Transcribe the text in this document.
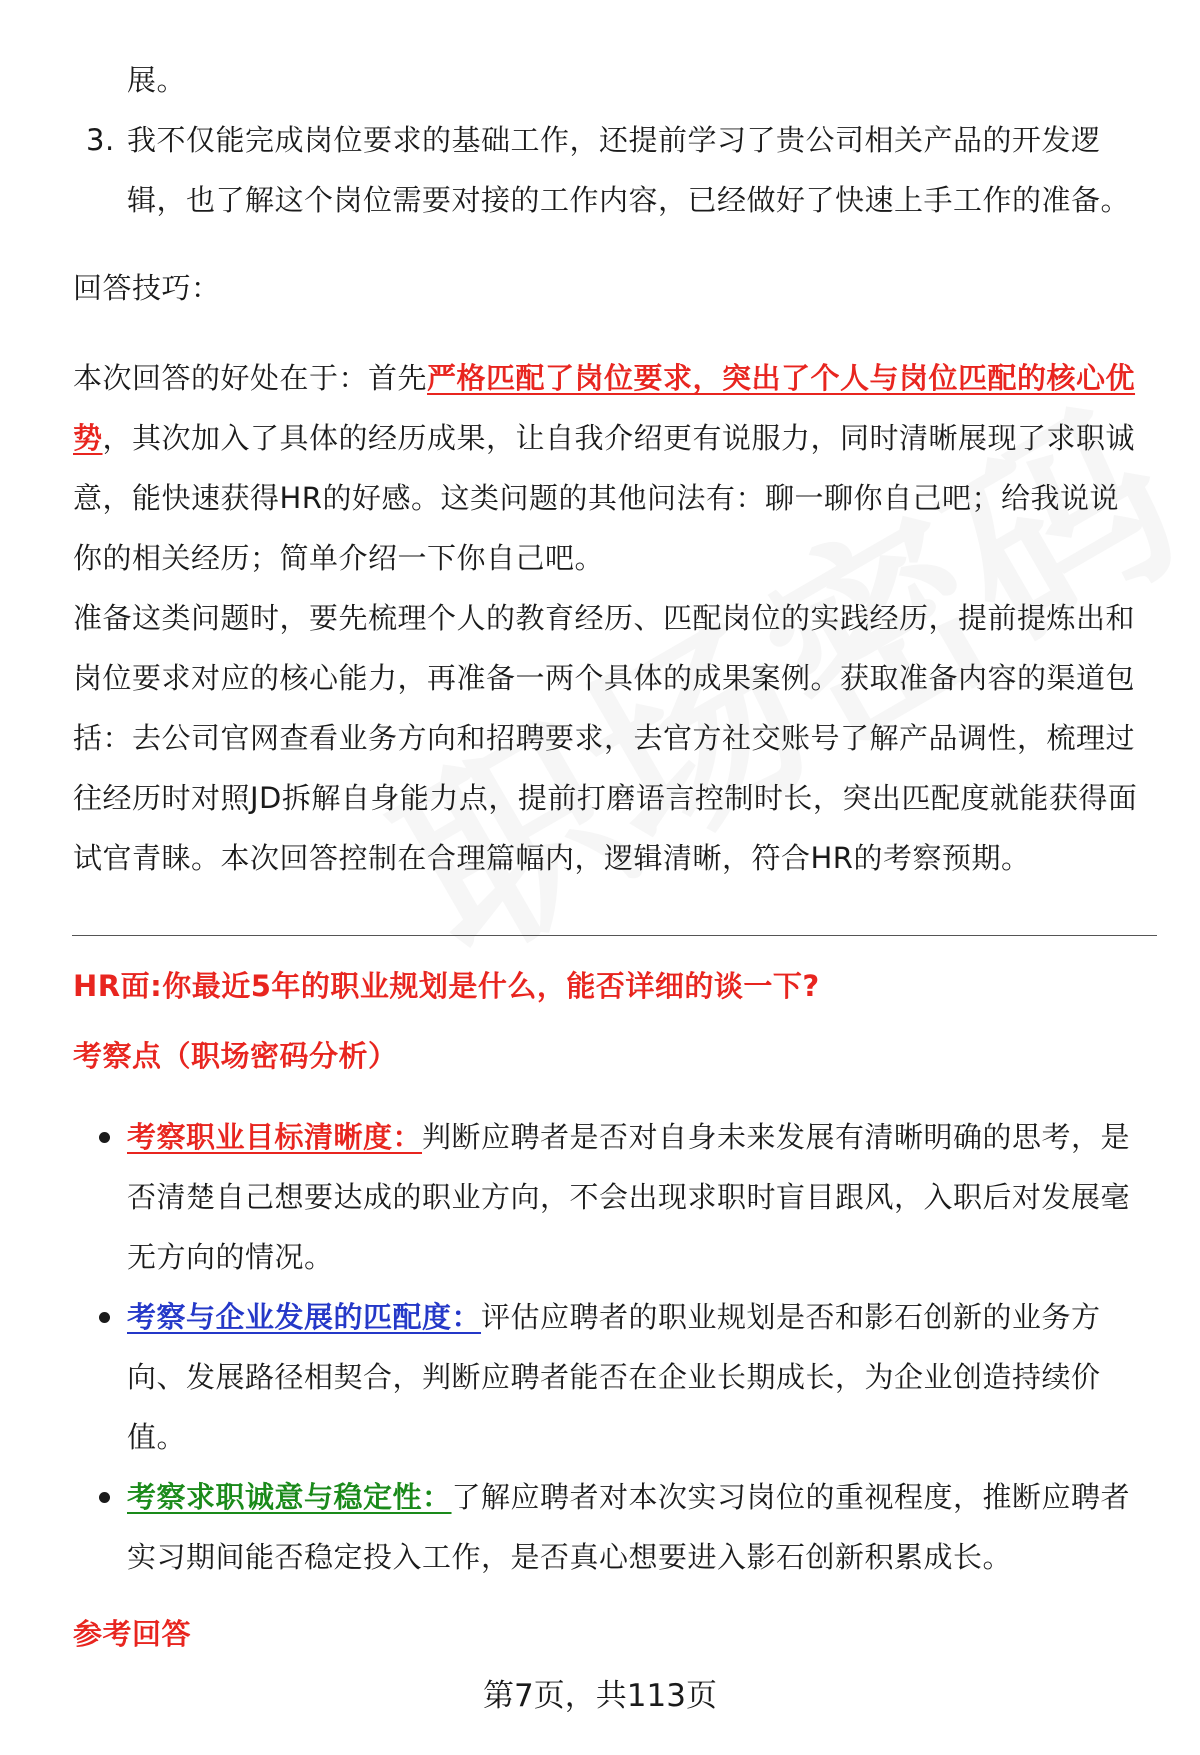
展。
3. 我不仅能完成岗位要求的基础工作，还提前学习了贵公司相关产品的开发逻
辑，也了解这个岗位需要对接的工作内容，已经做好了快速上手工作的准备。
回答技巧：
本次回答的好处在于：首先严格匹配了岗位要求，突出了个人与岗位匹配的核心优
势，其次加入了具体的经历成果，让自我介绍更有说服力，同时清晰展现了求职诚
意，能快速获得HR的好感。这类问题的其他问法有：聊一聊你自己吧；给我说说
你的相关经历；简单介绍一下你自己吧。
准备这类问题时，要先梳理个人的教育经历、匹配岗位的实践经历，提前提炼出和
岗位要求对应的核心能力，再准备一两个具体的成果案例。获取准备内容的渠道包
括：去公司官网查看业务方向和招聘要求，去官方社交账号了解产品调性，梳理过
往经历时对照JD拆解自身能力点，提前打磨语言控制时长，突出匹配度就能获得面
试官青睐。本次回答控制在合理篇幅内，逻辑清晰，符合HR的考察预期。
HR面:你最近5年的职业规划是什么，能否详细的谈一下?
考察点（职场密码分析）
考察职业目标清晰度：判断应聘者是否对自身未来发展有清晰明确的思考，是
否清楚自己想要达成的职业方向，不会出现求职时盲目跟风，入职后对发展毫
无方向的情况。
考察与企业发展的匹配度：评估应聘者的职业规划是否和影石创新的业务方
向、发展路径相契合，判断应聘者能否在企业长期成长，为企业创造持续价
值。
考察求职诚意与稳定性：了解应聘者对本次实习岗位的重视程度，推断应聘者
实习期间能否稳定投入工作，是否真心想要进入影石创新积累成长。
参考回答
第7页，共113页
